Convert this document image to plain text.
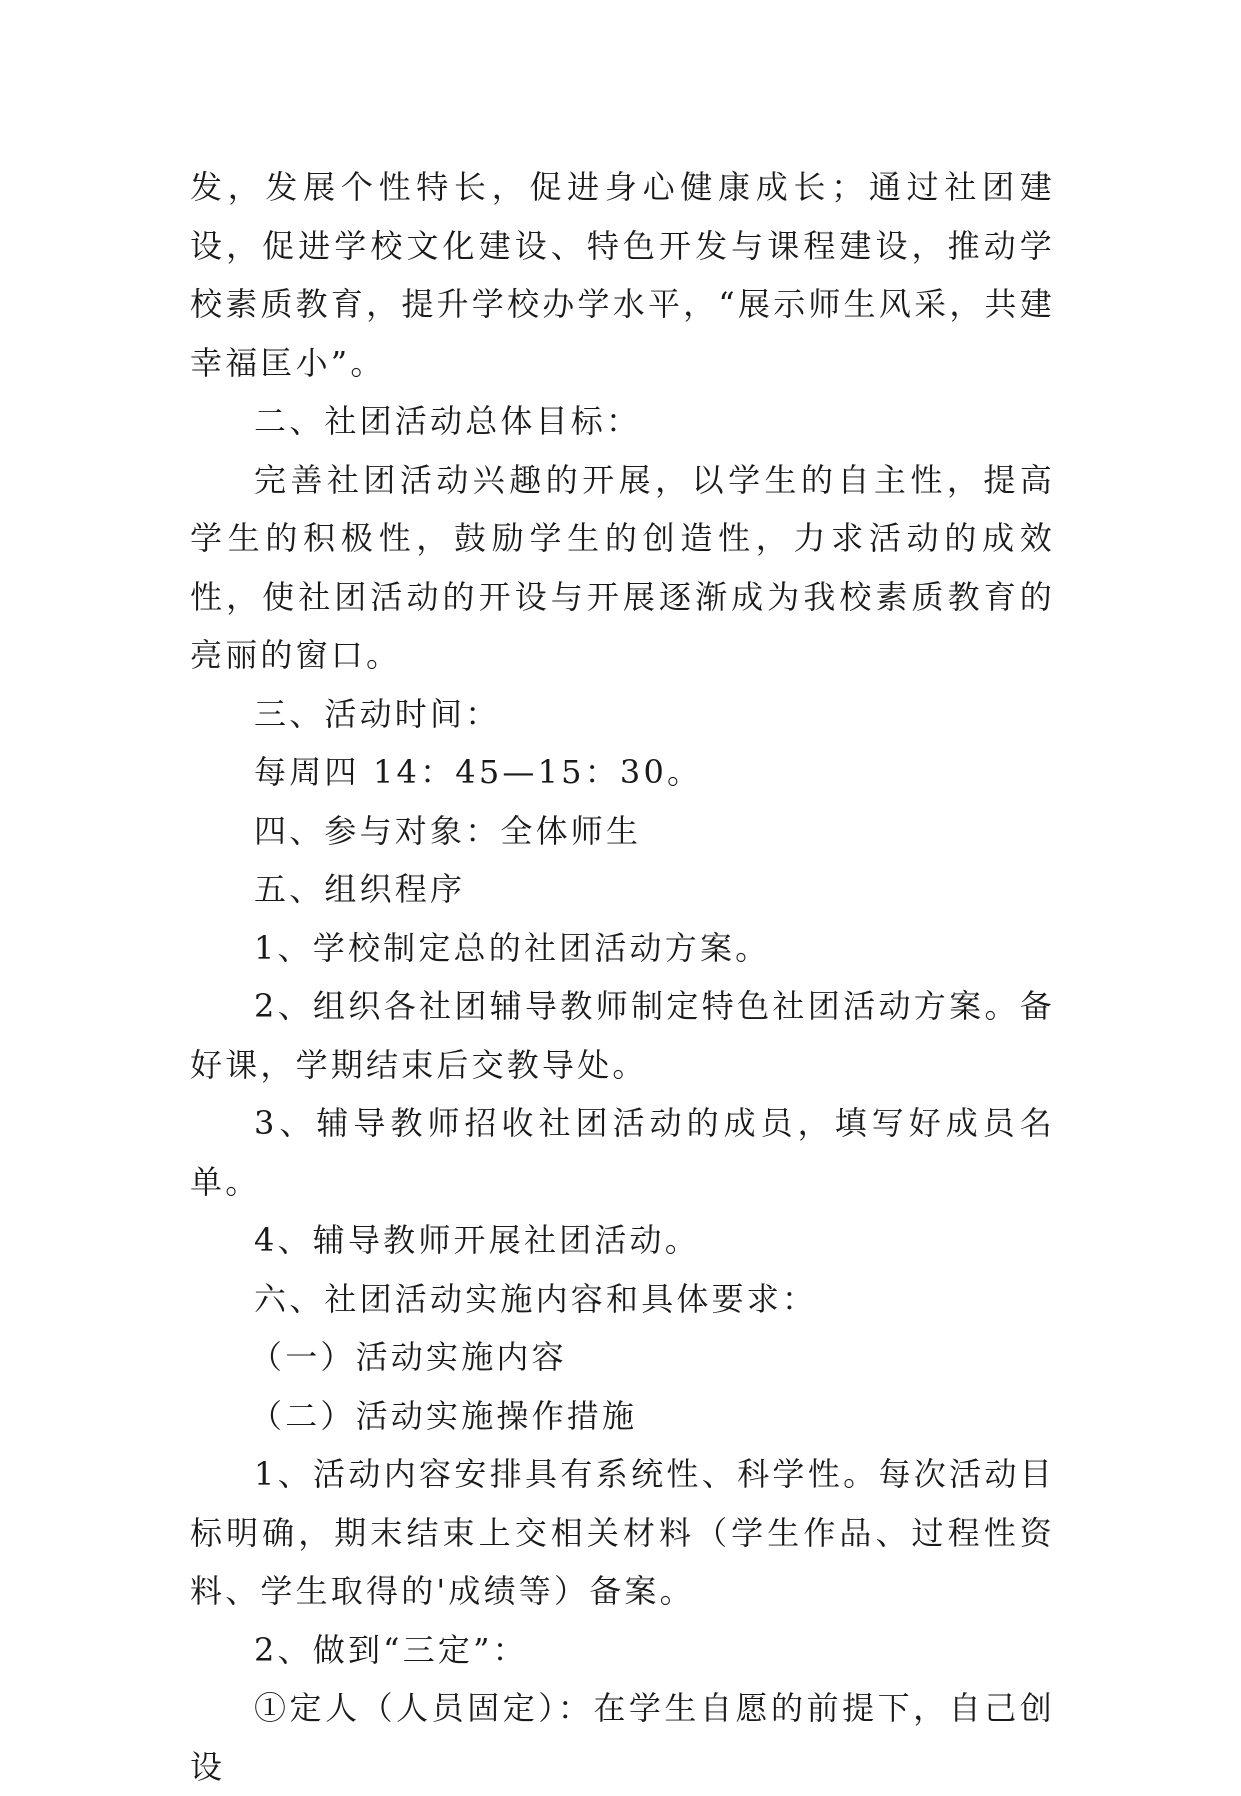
发，发展个性特长，促进身心健康成长；通过社团建设，促进学校文化建设、特色开发与课程建设，推动学校素质教育，提升学校办学水平，“展示师生风采，共建幸福匡小”。

二、社团活动总体目标：

完善社团活动兴趣的开展，以学生的自主性，提高学生的积极性，鼓励学生的创造性，力求活动的成效性，使社团活动的开设与开展逐渐成为我校素质教育的亮丽的窗口。

三、活动时间：

每周四 14：45—15：30。

四、参与对象：全体师生

五、组织程序

1、学校制定总的社团活动方案。

2、组织各社团辅导教师制定特色社团活动方案。备好课，学期结束后交教导处。

3、辅导教师招收社团活动的成员，填写好成员名单。

4、辅导教师开展社团活动。

六、社团活动实施内容和具体要求：

（一）活动实施内容

（二）活动实施操作措施

1、活动内容安排具有系统性、科学性。每次活动目标明确，期末结束上交相关材料（学生作品、过程性资料、学生取得的'成绩等）备案。

2、做到“三定”：

①定人（人员固定）：在学生自愿的前提下，自己创设
